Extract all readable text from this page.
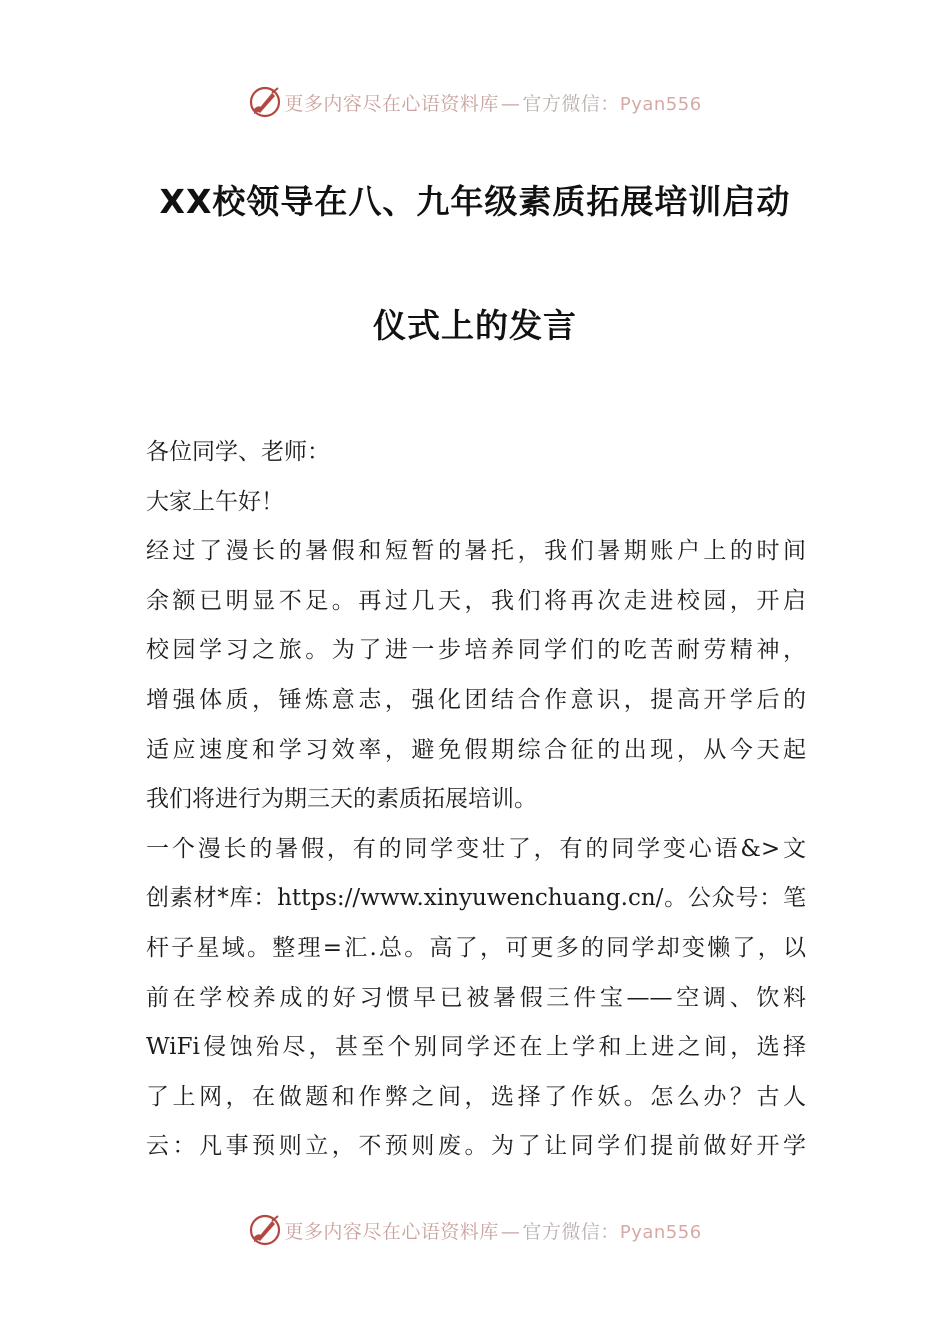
更多内容尽在心语资料库 — 官方微信：Pyan556
XX校领导在八、九年级素质拓展培训启动
仪式上的发言
各位同学、老师：
大家上午好！
经过了漫长的暑假和短暂的暑托，我们暑期账户上的时间
余额已明显不足。再过几天，我们将再次走进校园，开启
校园学习之旅。为了进一步培养同学们的吃苦耐劳精神，
增强体质，锤炼意志，强化团结合作意识，提高开学后的
适应速度和学习效率，避免假期综合征的出现，从今天起
我们将进行为期三天的素质拓展培训。
一个漫长的暑假，有的同学变壮了，有的同学变心语&>文
创素材*库：https://www.xinyuwenchuang.cn/。公众号：笔
杆子星域。整理=汇.总。高了，可更多的同学却变懒了，以
前在学校养成的好习惯早已被暑假三件宝——空调、饮料
WiFi侵蚀殆尽，甚至个别同学还在上学和上进之间，选择
了上网，在做题和作弊之间，选择了作妖。怎么办？古人
云：凡事预则立，不预则废。为了让同学们提前做好开学
更多内容尽在心语资料库 — 官方微信：Pyan556
